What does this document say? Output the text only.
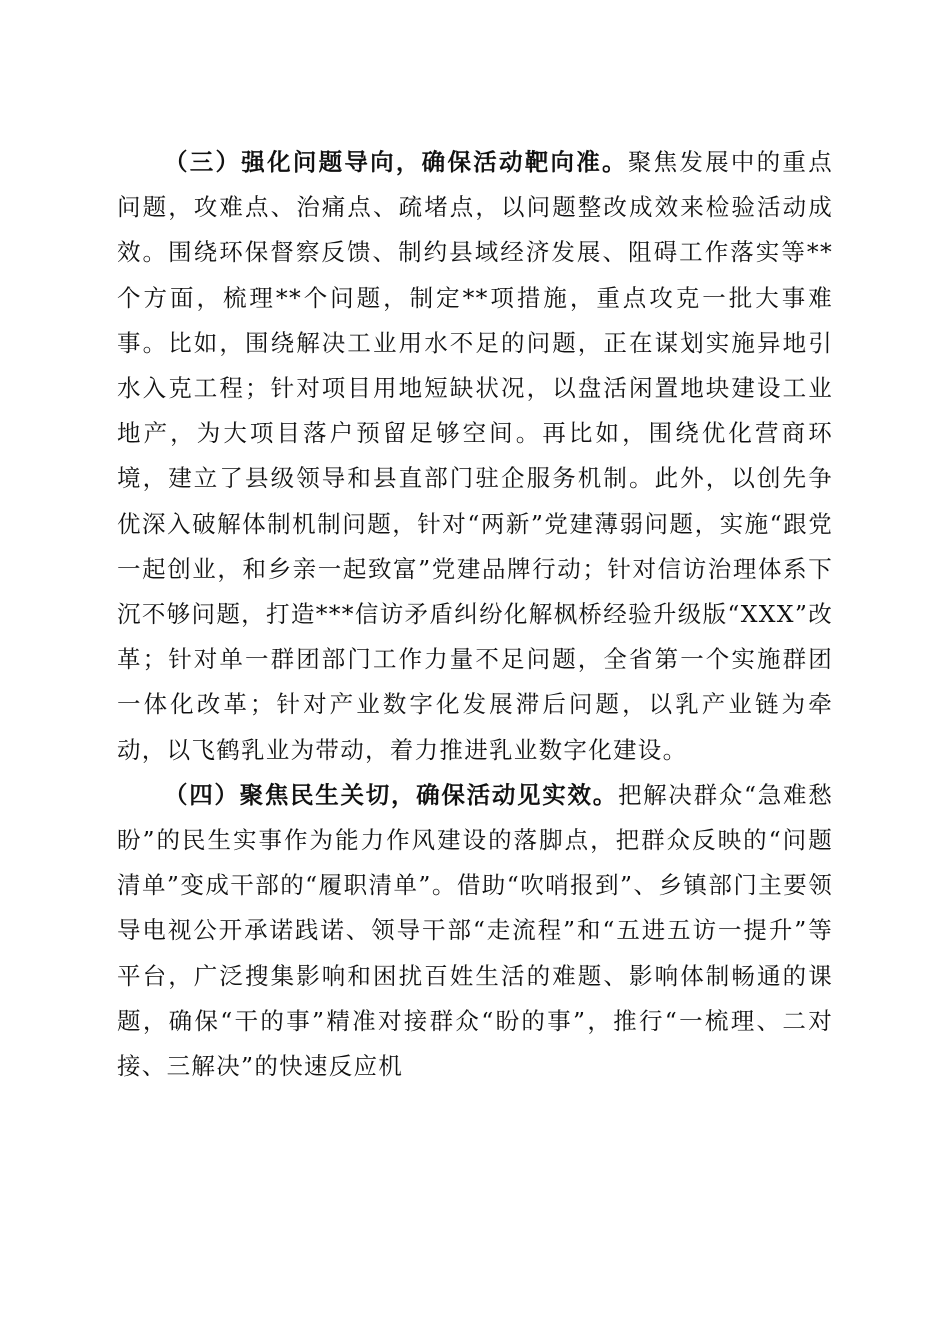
（三）强化问题导向，确保活动靶向准。聚焦发展中的重点问题，攻难点、治痛点、疏堵点，以问题整改成效来检验活动成效。围绕环保督察反馈、制约县域经济发展、阻碍工作落实等**个方面，梳理**个问题，制定**项措施，重点攻克一批大事难事。比如，围绕解决工业用水不足的问题，正在谋划实施异地引水入克工程；针对项目用地短缺状况，以盘活闲置地块建设工业地产，为大项目落户预留足够空间。再比如，围绕优化营商环境，建立了县级领导和县直部门驻企服务机制。此外，以创先争优深入破解体制机制问题，针对“两新”党建薄弱问题，实施“跟党一起创业，和乡亲一起致富”党建品牌行动；针对信访治理体系下沉不够问题，打造***信访矛盾纠纷化解枫桥经验升级版“XXX”改革；针对单一群团部门工作力量不足问题，全省第一个实施群团一体化改革；针对产业数字化发展滞后问题，以乳产业链为牵动，以飞鹤乳业为带动，着力推进乳业数字化建设。

（四）聚焦民生关切，确保活动见实效。把解决群众“急难愁盼”的民生实事作为能力作风建设的落脚点，把群众反映的“问题清单”变成干部的“履职清单”。借助“吹哨报到”、乡镇部门主要领导电视公开承诺践诺、领导干部“走流程”和“五进五访一提升”等平台，广泛搜集影响和困扰百姓生活的难题、影响体制畅通的课题，确保“干的事”精准对接群众“盼的事”，推行“一梳理、二对接、三解决”的快速反应机
